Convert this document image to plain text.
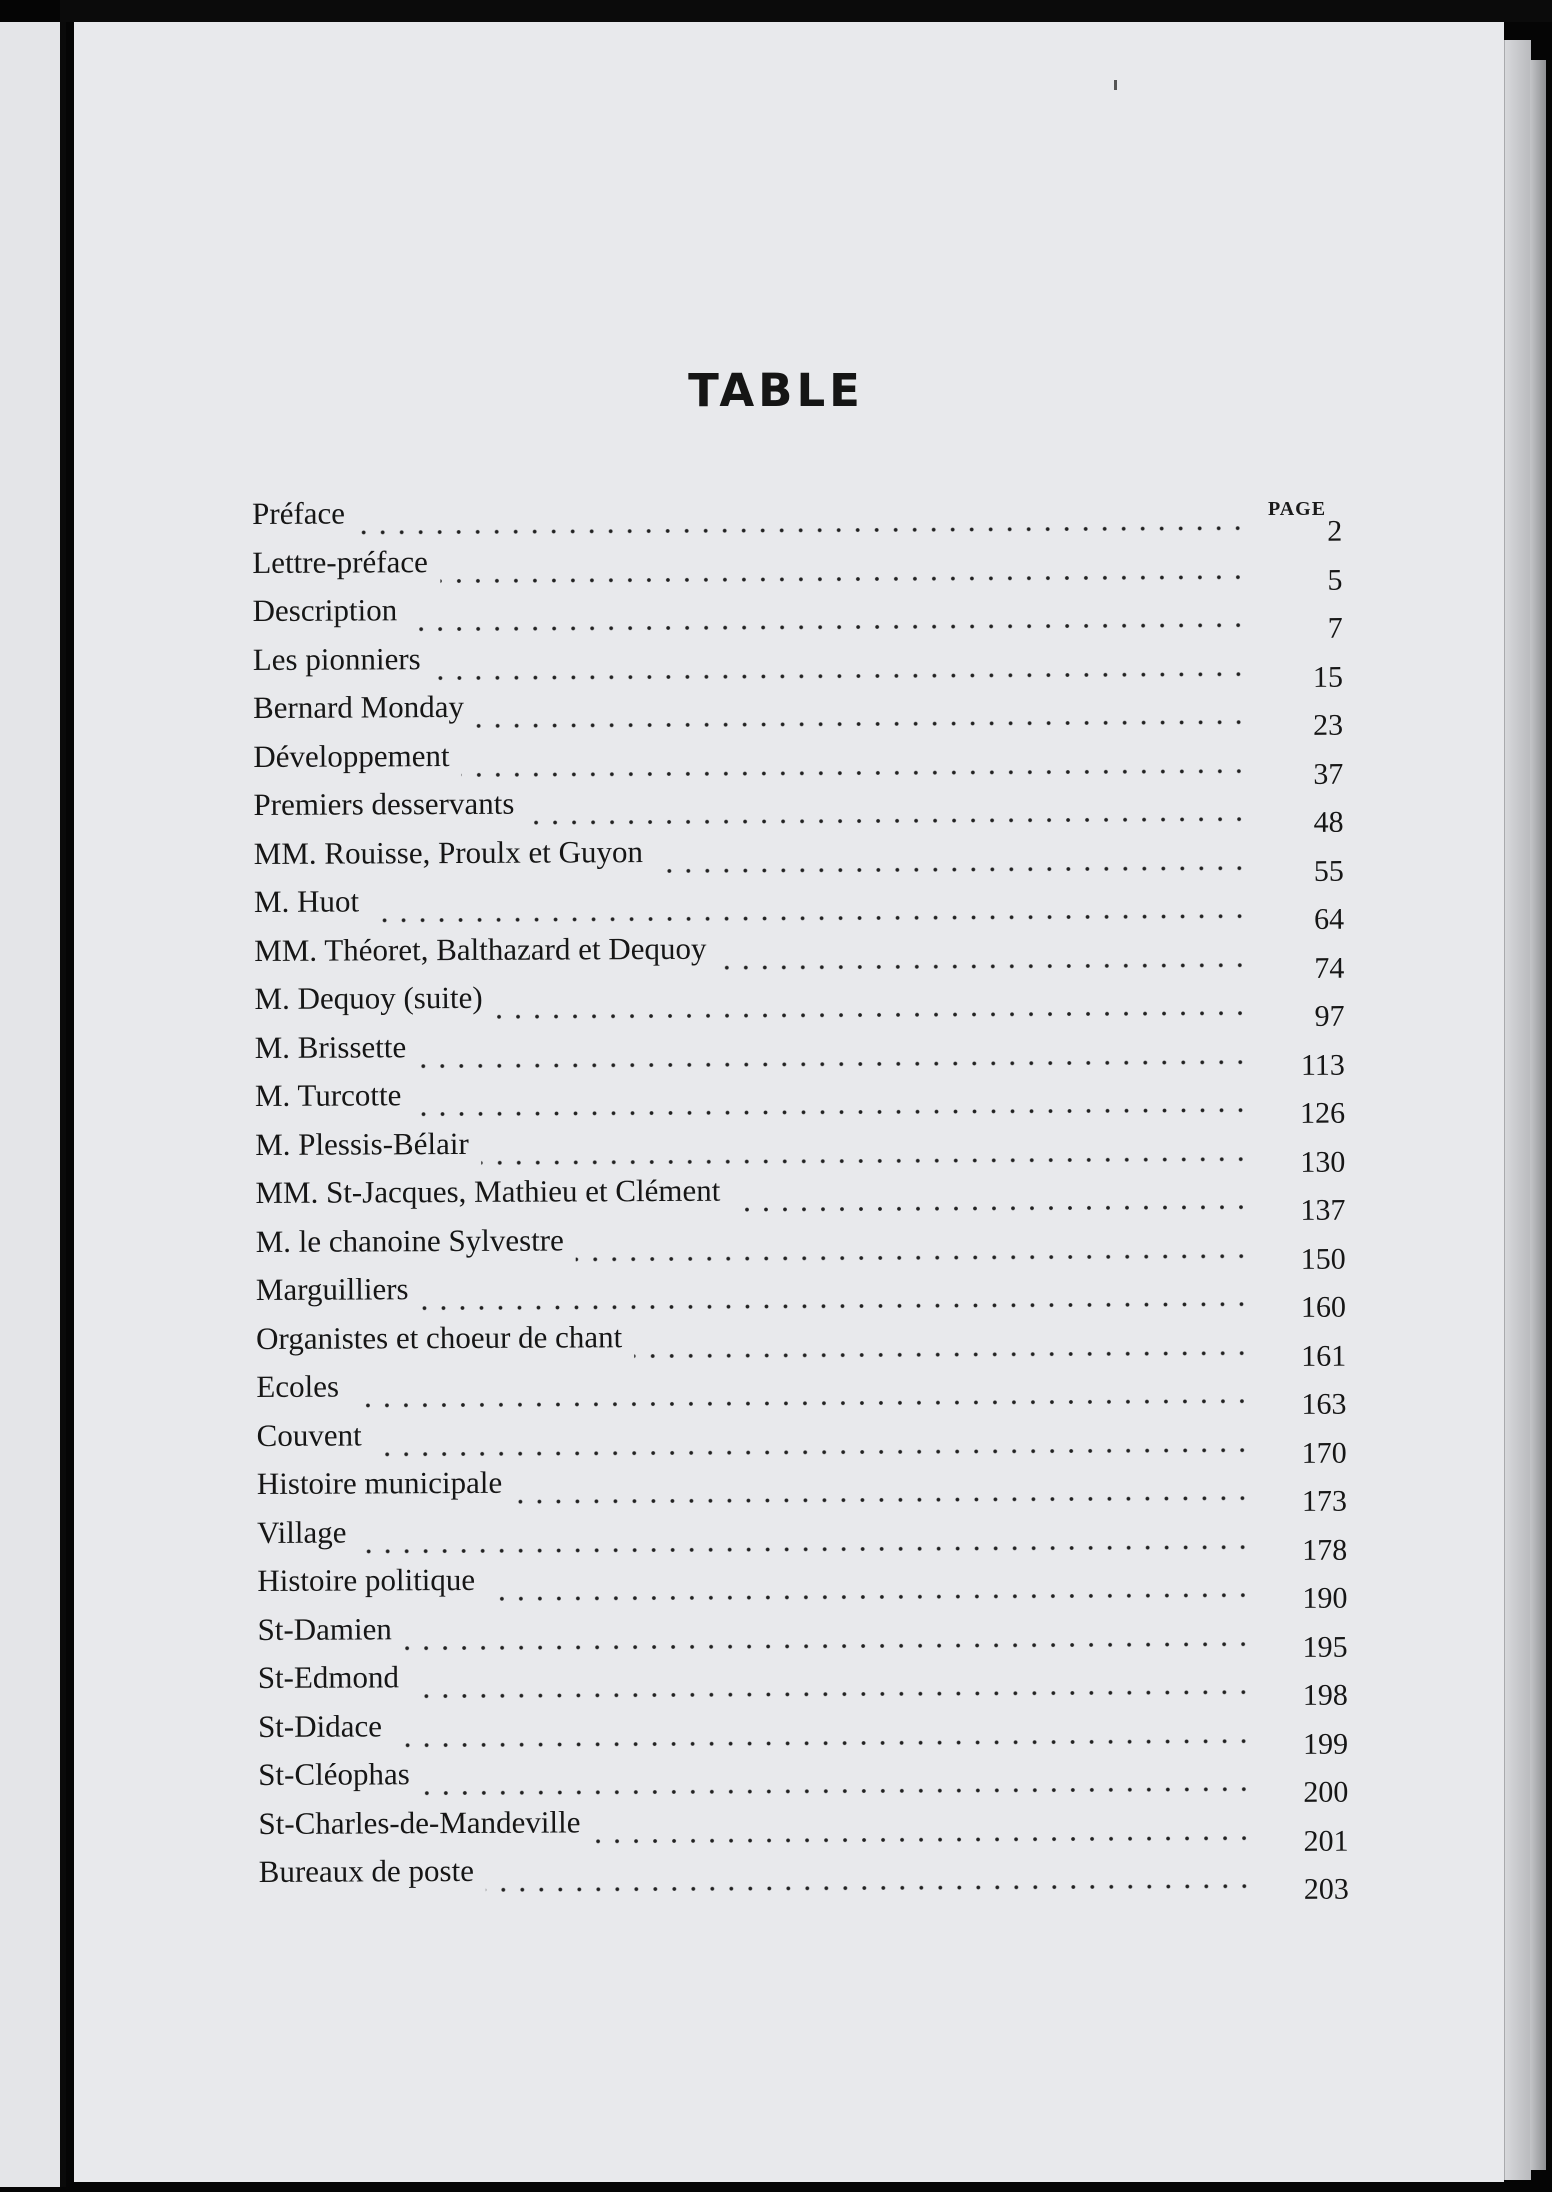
TABLE
PAGE
Préface
2
Lettre-préface
5
Description
7
Les pionniers
15
Bernard Monday
23
Développement
37
Premiers desservants
48
MM. Rouisse, Proulx et Guyon
55
M. Huot
64
MM. Théoret, Balthazard et Dequoy
74
M. Dequoy (suite)
97
M. Brissette
113
M. Turcotte
126
M. Plessis-Bélair
130
MM. St-Jacques, Mathieu et Clément
137
M. le chanoine Sylvestre
150
Marguilliers
160
Organistes et choeur de chant
161
Ecoles
163
Couvent
170
Histoire municipale
173
Village
178
Histoire politique
190
St-Damien
195
St-Edmond
198
St-Didace
199
St-Cléophas
200
St-Charles-de-Mandeville
201
Bureaux de poste
203
